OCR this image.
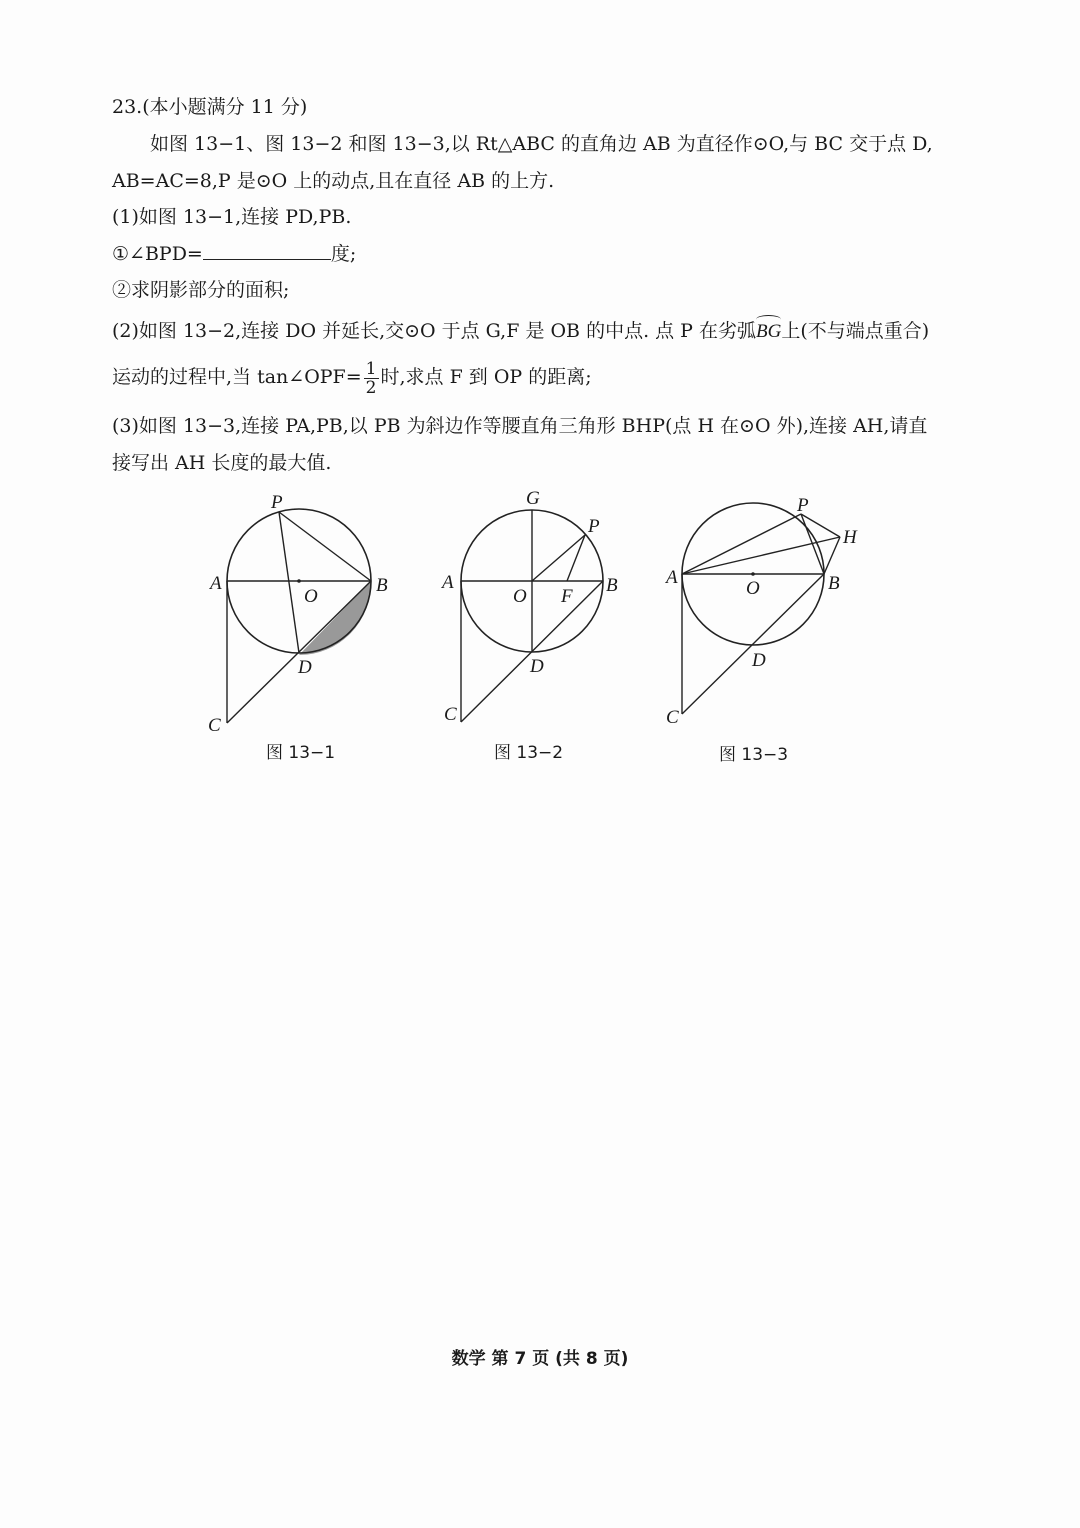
23.(本小题满分 11 分)
如图 13−1、图 13−2 和图 13−3,以 Rt△ABC 的直角边 AB 为直径作⊙O,与 BC 交于点 D,
AB=AC=8,P 是⊙O 上的动点,且在直径 AB 的上方.
(1)如图 13−1,连接 PD,PB.
①∠BPD=	度;
②求阴影部分的面积;
(2)如图 13−2,连接 DO 并延长,交⊙O 于点 G,F 是 OB 的中点. 点 P 在劣弧BG上(不与端点重合)
运动的过程中,当 tan∠OPF= $\frac{1}{2}$ 时,求点 F 到 OP 的距离;
(3)如图 13−3,连接 PA,PB,以 PB 为斜边作等腰直角三角形 BHP(点 H 在⊙O 外),连接 AH,请直
接写出 AH 长度的最大值.
P
A
O
B
D
C
图 13−1
G
P
A
O F
B
D
C
图 13−2
P
H
A
O	B
D
C
图 13−3
数学 第 7 页 (共 8 页)
